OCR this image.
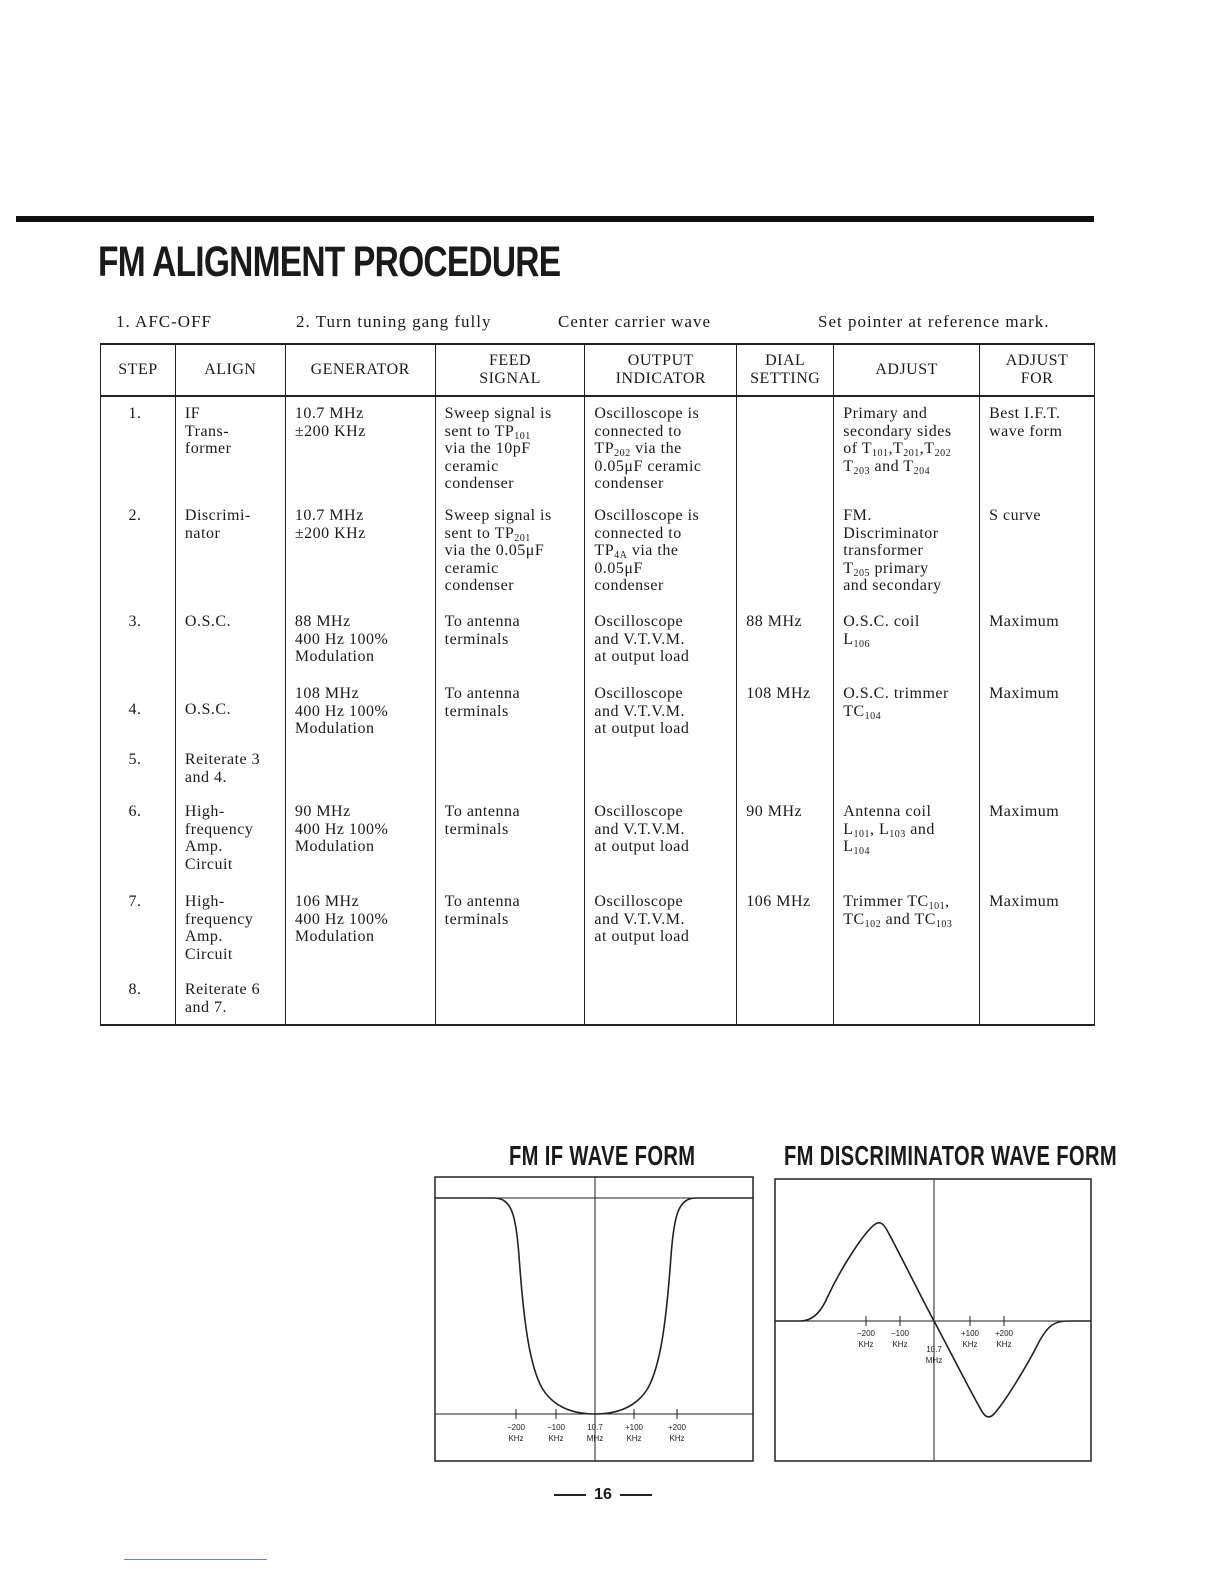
FM ALIGNMENT PROCEDURE
1. AFC-OFF	2. Turn tuning gang fully	Center carrier wave	Set pointer at reference mark.
STEP	ALIGN	GENERATOR	FEED
SIGNAL	OUTPUT
INDICATOR	DIAL
SETTING	ADJUST	ADJUST
FOR
1.	IF
Trans-
former	10.7 MHz
±200 KHz	Sweep signal is
sent to $TP_{101}$
via the 10pF
ceramic
condenser	Oscilloscope is
connected to
$TP_{202}$ via the
0.05μF ceramic
condenser		Primary and
secondary sides
of $T_{101},T_{201},T_{202}$
$T_{203}$ and $T_{204}$	Best I.F.T.
wave form
2.	Discrimi-
nator	10.7 MHz
±200 KHz	Sweep signal is
sent to $TP_{201}$
via the 0.05μF
ceramic
condenser	Oscilloscope is
connected to
$TP_{4A}$ via the
0.05μF
condenser		FM.
Discriminator
transformer
$T_{205}$ primary
and secondary	S curve
3.	O.S.C.	88 MHz
400 Hz 100%
Modulation	To antenna
terminals	Oscilloscope
and V.T.V.M.
at output load	88 MHz	O.S.C. coil
$L_{106}$	Maximum
4.	O.S.C.	108 MHz
400 Hz 100%
Modulation	To antenna
terminals	Oscilloscope
and V.T.V.M.
at output load	108 MHz	O.S.C. trimmer
$TC_{104}$	Maximum
5.	Reiterate 3
and 4.						
6.	High-
frequency
Amp.
Circuit	90 MHz
400 Hz 100%
Modulation	To antenna
terminals	Oscilloscope
and V.T.V.M.
at output load	90 MHz	Antenna coil
$L_{101}$, $L_{103}$ and
$L_{104}$	Maximum
7.	High-
frequency
Amp.
Circuit	106 MHz
400 Hz 100%
Modulation	To antenna
terminals	Oscilloscope
and V.T.V.M.
at output load	106 MHz	Trimmer $TC_{101}$,
$TC_{102}$ and $TC_{103}$	Maximum
8.	Reiterate 6
and 7.						
FM IF WAVE FORM	FM DISCRIMINATOR WAVE FORM
−200
KHz
−100
KHz
10.7
MHz
+100
KHz
+200
KHz
−200
KHz
−100
KHz
+100
KHz
+200
KHz
10.7
MHz
16
